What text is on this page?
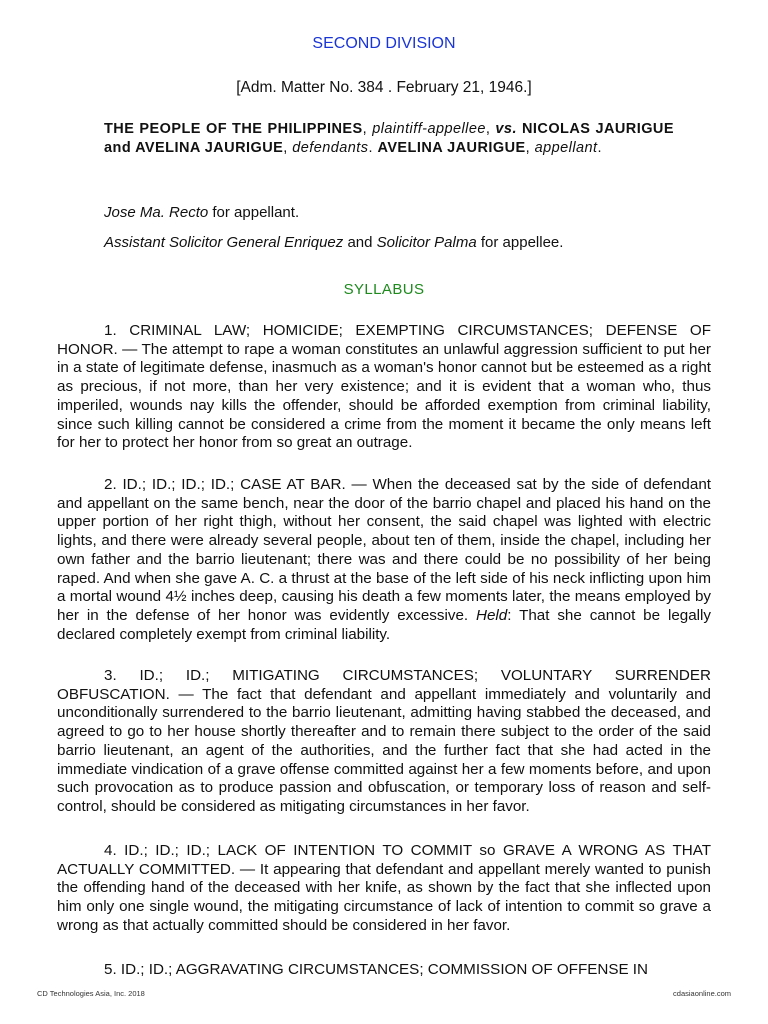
SECOND DIVISION
[Adm. Matter No. 384 . February 21, 1946.]
THE PEOPLE OF THE PHILIPPINES, plaintiff-appellee, vs. NICOLAS JAURIGUE and AVELINA JAURIGUE, defendants. AVELINA JAURIGUE, appellant.
Jose Ma. Recto for appellant.
Assistant Solicitor General Enriquez and Solicitor Palma for appellee.
SYLLABUS

1. CRIMINAL LAW; HOMICIDE; EXEMPTING CIRCUMSTANCES; DEFENSE OF HONOR. — The attempt to rape a woman constitutes an unlawful aggression sufficient to put her in a state of legitimate defense, inasmuch as a woman's honor cannot but be esteemed as a right as precious, if not more, than her very existence; and it is evident that a woman who, thus imperiled, wounds nay kills the offender, should be afforded exemption from criminal liability, since such killing cannot be considered a crime from the moment it became the only means left for her to protect her honor from so great an outrage.

2. ID.; ID.; ID.; ID.; CASE AT BAR. — When the deceased sat by the side of defendant and appellant on the same bench, near the door of the barrio chapel and placed his hand on the upper portion of her right thigh, without her consent, the said chapel was lighted with electric lights, and there were already several people, about ten of them, inside the chapel, including her own father and the barrio lieutenant; there was and there could be no possibility of her being raped. And when she gave A. C. a thrust at the base of the left side of his neck inflicting upon him a mortal wound 4½ inches deep, causing his death a few moments later, the means employed by her in the defense of her honor was evidently excessive. Held: That she cannot be legally declared completely exempt from criminal liability.

3. ID.; ID.; MITIGATING CIRCUMSTANCES; VOLUNTARY SURRENDER OBFUSCATION. — The fact that defendant and appellant immediately and voluntarily and unconditionally surrendered to the barrio lieutenant, admitting having stabbed the deceased, and agreed to go to her house shortly thereafter and to remain there subject to the order of the said barrio lieutenant, an agent of the authorities, and the further fact that she had acted in the immediate vindication of a grave offense committed against her a few moments before, and upon such provocation as to produce passion and obfuscation, or temporary loss of reason and self-control, should be considered as mitigating circumstances in her favor.

4. ID.; ID.; ID.; LACK OF INTENTION TO COMMIT so GRAVE A WRONG AS THAT ACTUALLY COMMITTED. — It appearing that defendant and appellant merely wanted to punish the offending hand of the deceased with her knife, as shown by the fact that she inflected upon him only one single wound, the mitigating circumstance of lack of intention to commit so grave a wrong as that actually committed should be considered in her favor.

5. ID.; ID.; AGGRAVATING CIRCUMSTANCES; COMMISSION OF OFFENSE IN

CD Technologies Asia, Inc. 2018	cdasiaonline.com
